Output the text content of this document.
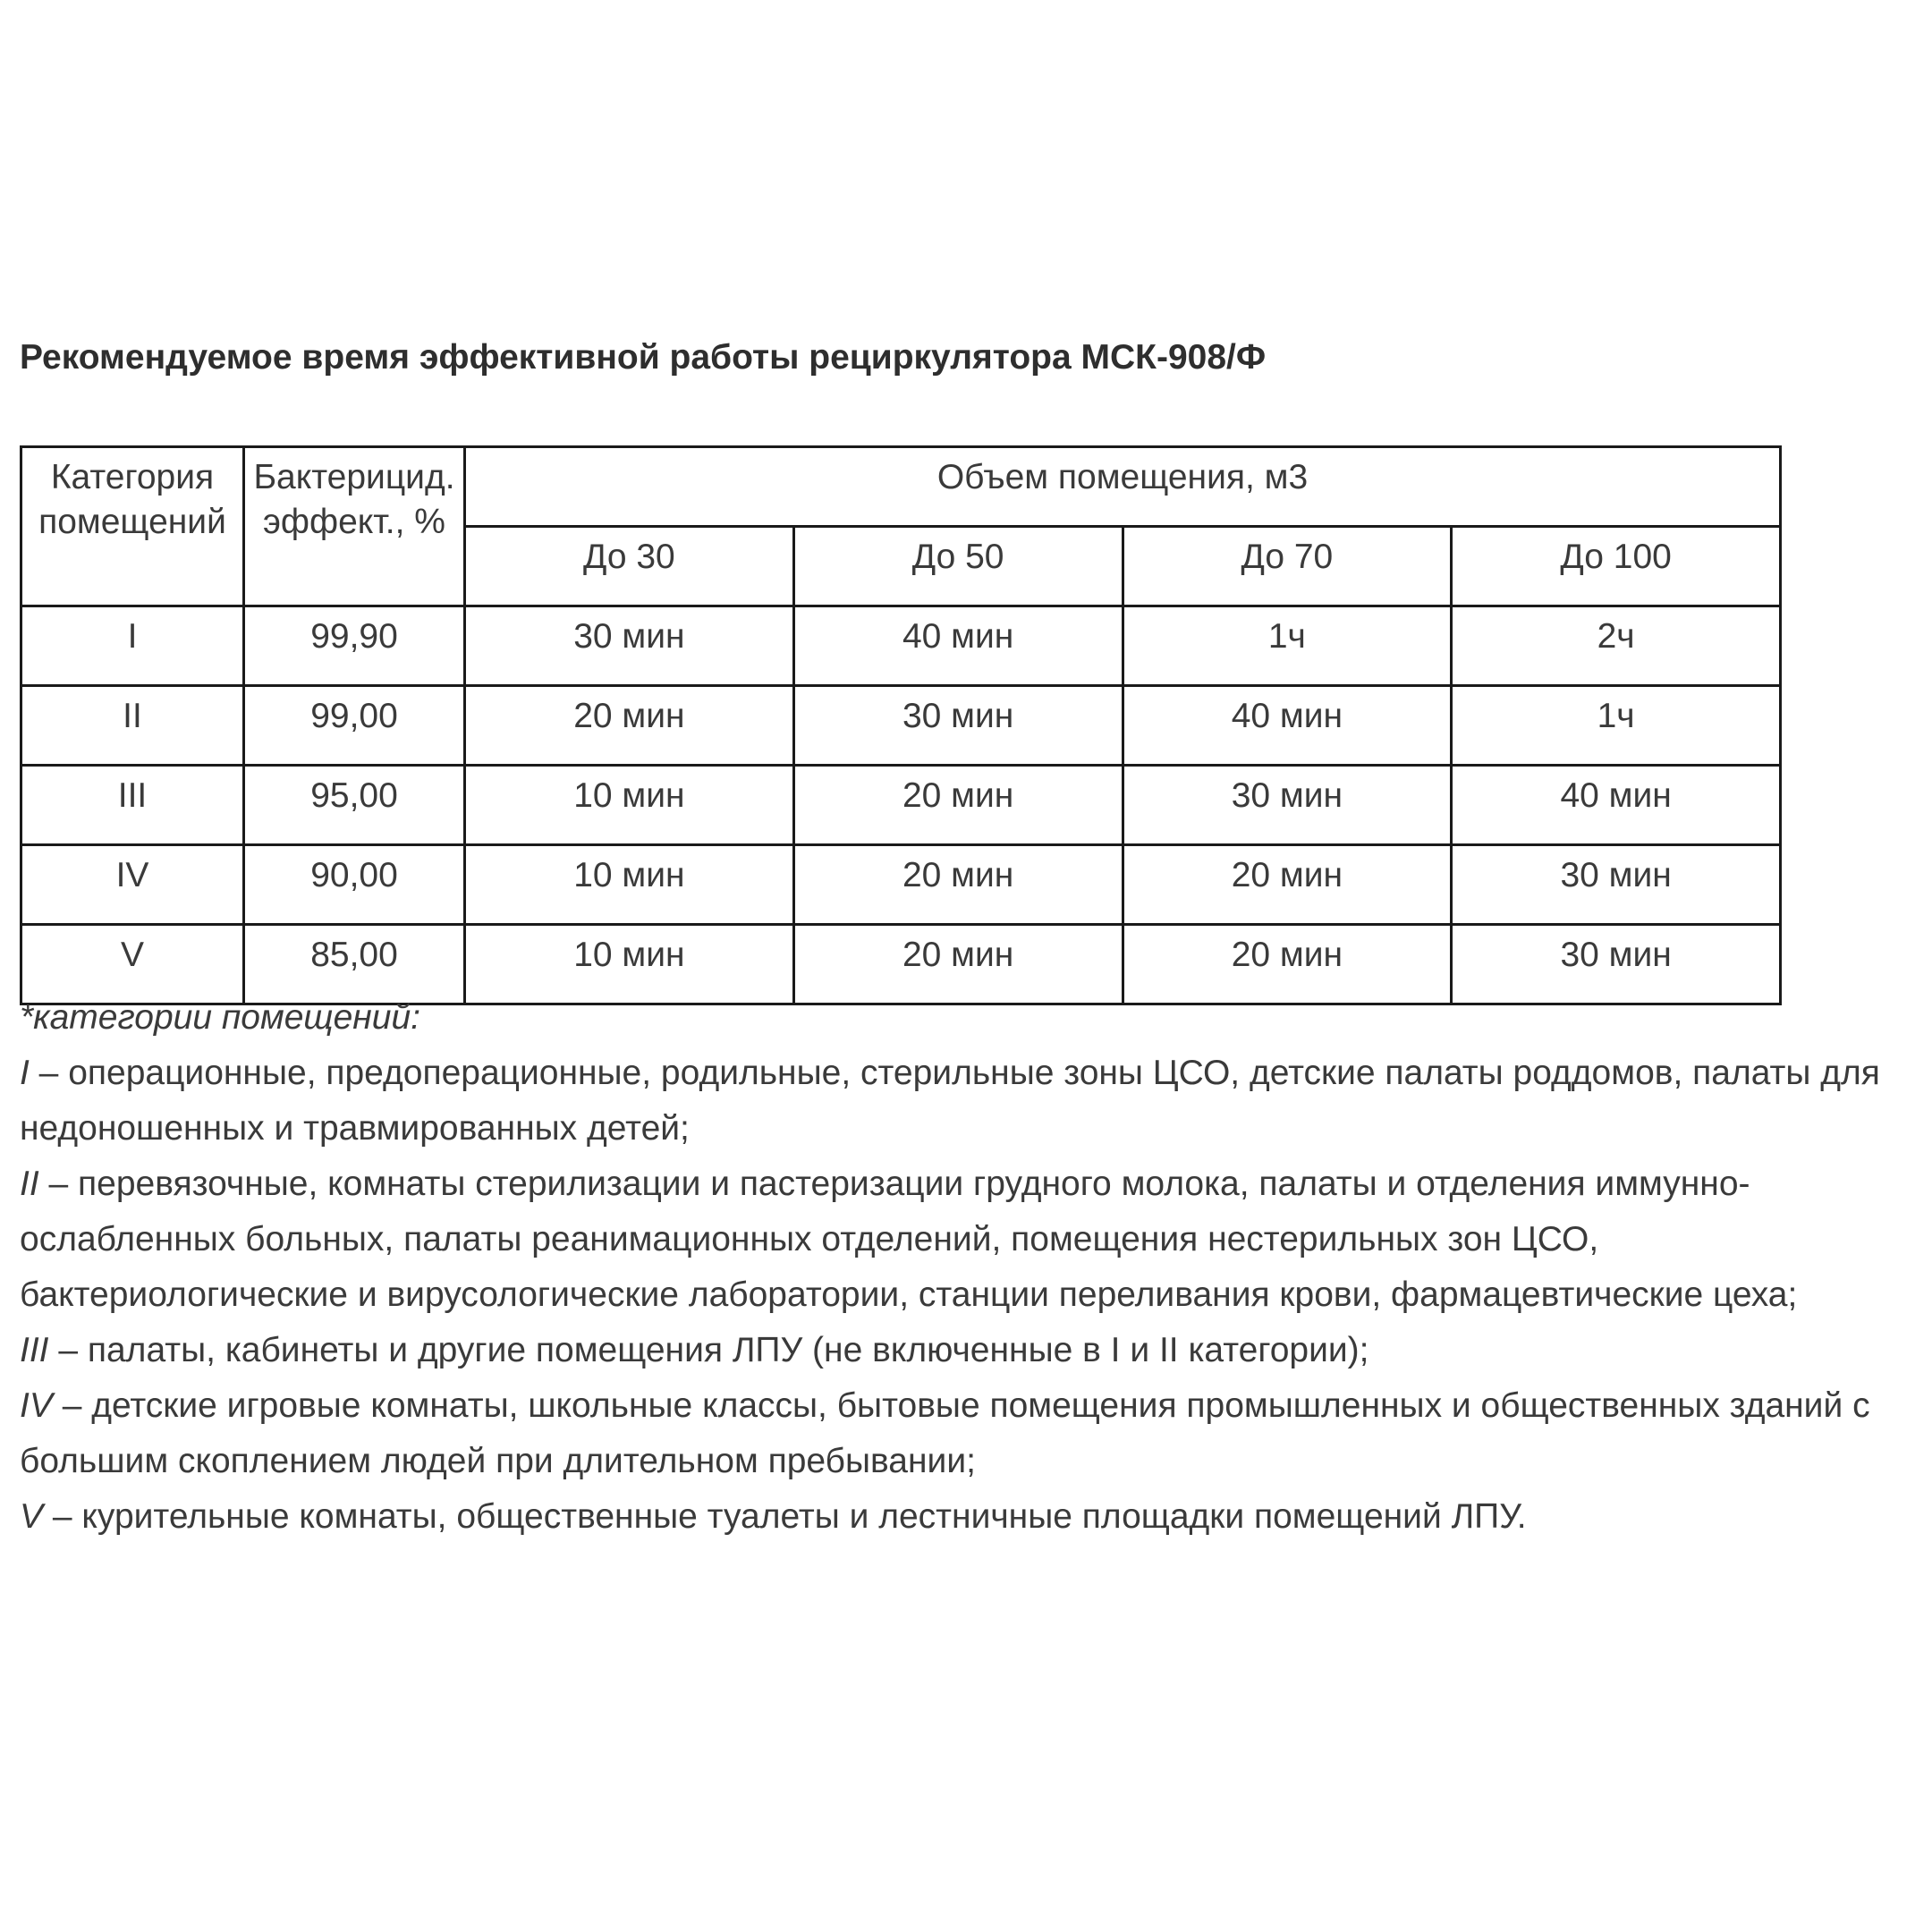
Рекомендуемое время эффективной работы рециркулятора МСК-908/Ф
Категория помещений	Бактерицид. эффект., %	Объем помещения, м3			
		До 30	До 50	До 70	До 100
I	99,90	30 мин	40 мин	1ч	2ч
II	99,00	20 мин	30 мин	40 мин	1ч
III	95,00	10 мин	20 мин	30 мин	40 мин
IV	90,00	10 мин	20 мин	20 мин	30 мин
V	85,00	10 мин	20 мин	20 мин	30 мин

*категории помещений:

I – операционные, предоперационные, родильные, стерильные зоны ЦСО, детские палаты роддомов, палаты для недоношенных и травмированных детей;

II – перевязочные, комнаты стерилизации и пастеризации грудного молока, палаты и отделения иммунно-ослабленных больных, палаты реанимационных отделений, помещения нестерильных зон ЦСО, бактериологические и вирусологические лаборатории, станции переливания крови, фармацевтические цеха;

III – палаты, кабинеты и другие помещения ЛПУ (не включенные в I и II категории);

IV – детские игровые комнаты, школьные классы, бытовые помещения промышленных и общественных зданий с большим скоплением людей при длительном пребывании;

V – курительные комнаты, общественные туалеты и лестничные площадки помещений ЛПУ.
